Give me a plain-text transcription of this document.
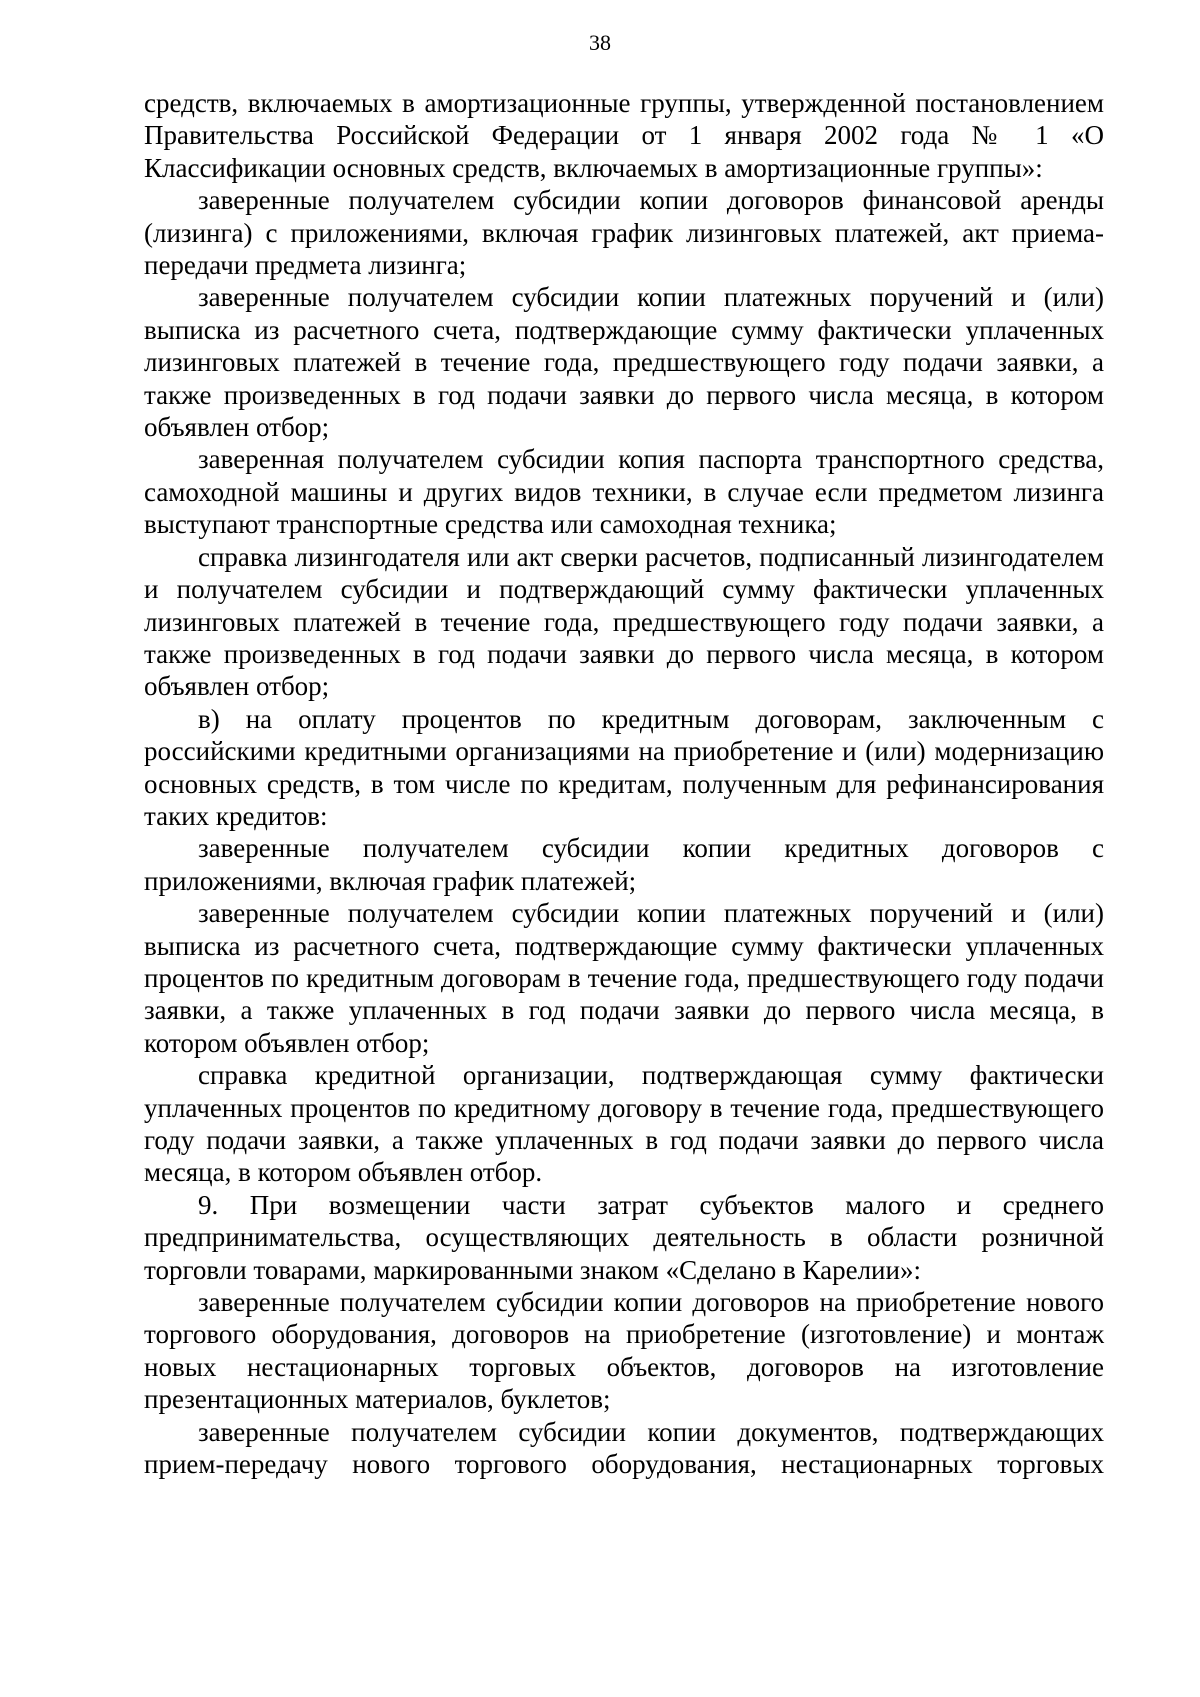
38

средств, включаемых в амортизационные группы, утвержденной постановлением Правительства Российской Федерации от 1 января 2002 года № 1 «О Классификации основных средств, включаемых в амортизационные группы»:

заверенные получателем субсидии копии договоров финансовой аренды (лизинга) с приложениями, включая график лизинговых платежей, акт приема-передачи предмета лизинга;

заверенные получателем субсидии копии платежных поручений и (или) выписка из расчетного счета, подтверждающие сумму фактически уплаченных лизинговых платежей в течение года, предшествующего году подачи заявки, а также произведенных в год подачи заявки до первого числа месяца, в котором объявлен отбор;

заверенная получателем субсидии копия паспорта транспортного средства, самоходной машины и других видов техники, в случае если предметом лизинга выступают транспортные средства или самоходная техника;

справка лизингодателя или акт сверки расчетов, подписанный лизингодателем и получателем субсидии и подтверждающий сумму фактически уплаченных лизинговых платежей в течение года, предшествующего году подачи заявки, а также произведенных в год подачи заявки до первого числа месяца, в котором объявлен отбор;

в) на оплату процентов по кредитным договорам, заключенным с российскими кредитными организациями на приобретение и (или) модернизацию основных средств, в том числе по кредитам, полученным для рефинансирования таких кредитов:

заверенные получателем субсидии копии кредитных договоров с приложениями, включая график платежей;

заверенные получателем субсидии копии платежных поручений и (или) выписка из расчетного счета, подтверждающие сумму фактически уплаченных процентов по кредитным договорам в течение года, предшествующего году подачи заявки, а также уплаченных в год подачи заявки до первого числа месяца, в котором объявлен отбор;

справка кредитной организации, подтверждающая сумму фактически уплаченных процентов по кредитному договору в течение года, предшествующего году подачи заявки, а также уплаченных в год подачи заявки до первого числа месяца, в котором объявлен отбор.

9. При возмещении части затрат субъектов малого и среднего предпринимательства, осуществляющих деятельность в области розничной торговли товарами, маркированными знаком «Сделано в Карелии»:

заверенные получателем субсидии копии договоров на приобретение нового торгового оборудования, договоров на приобретение (изготовление) и монтаж новых нестационарных торговых объектов, договоров на изготовление презентационных материалов, буклетов;

заверенные получателем субсидии копии документов, подтверждающих прием-передачу нового торгового оборудования, нестационарных торговых
